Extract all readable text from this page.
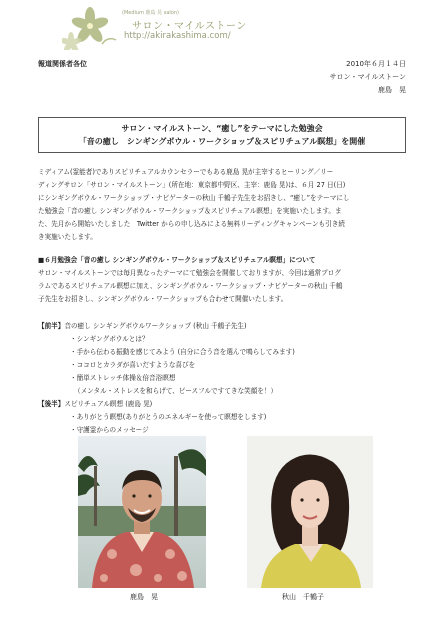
(Medium 鹿島 晃 salon)
サロン・マイルストーン
http://akirakashima.com/
報道関係者各位	2010年６月１４日
サロン・マイルストーン
鹿島　晃
サロン・マイルストーン、“癒し”をテーマにした勉強会
「音の癒し　シンギングボウル・ワークショップ＆スピリチュアル瞑想」を開催
ミディアム(霊能者)でありスピリチュアルカウンセラーでもある鹿島 晃が主宰するヒーリング／リー
ディングサロン「サロン・マイルストーン」(所在地：東京都中野区、主宰：鹿島 晃)は、６月 27 日(日)
にシンギングボウル・ワークショップ・ナビゲーターの秋山 千鶴子先生をお招きし、“癒し”をテーマにし
た勉強会「音の癒し シンギングボウル・ワークショップ＆スピリチュアル瞑想」を実施いたします。ま
た、先月から開始いたしました　Twitter からの申し込みによる無料リーディングキャンペーンも引き続
き実施いたします。
■６月勉強会「音の癒し シンギングボウル・ワークショップ＆スピリチュアル瞑想」について
サロン・マイルストーンでは毎月異なったテーマにて勉強会を開催しておりますが、今回は通常プログ
ラムであるスピリチュアル瞑想に加え、シンギングボウル・ワークショップ・ナビゲーターの秋山 千鶴
子先生をお招きし、シンギングボウル・ワークショップも合わせて開催いたします。
【前半】音の癒し シンギングボウルワークショップ (秋山 千鶴子先生)
・シンギングボウルとは？
・手から伝わる振動を感じてみよう (自分に合う音を選んで鳴らしてみます)
・ココロとカラダが喜いだすような喜びを
・簡単ストレッチ体操＆倍音浴瞑想
（メンタル・ストレスを和らげて、ピースフルですてきな笑顔を！）
【後半】スピリチュアル瞑想 (鹿島 晃)
・ありがとう瞑想(ありがとうのエネルギーを使って瞑想をします)
・守護霊からのメッセージ
鹿島　晃	秋山　千鶴子
